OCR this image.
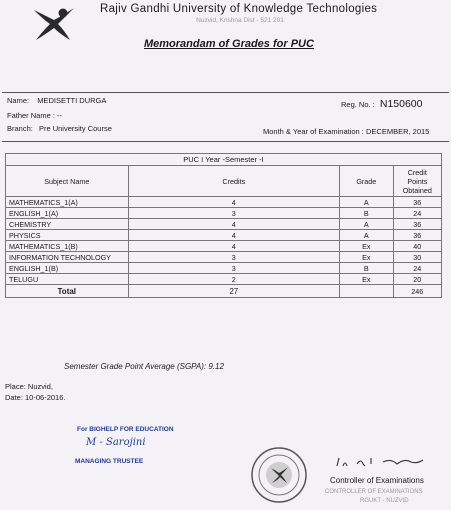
Rajiv Gandhi University of Knowledge Technologies
Nuzvid, Krishna Dist - 521 201
Memorandam of Grades for PUC
Name: MEDISETTI DURGA
Father Name : --
Branch: Pre University Course
Reg. No. : N150600
Month & Year of Examination : DECEMBER, 2015
PUC I Year -Semester -I			
Subject Name	Credits	Grade	Credit
Points
Obtained

MATHEMATICS_1(A)	4	A	36
ENGLISH_1(A)	3	B	24
CHEMISTRY	4	A	36
PHYSICS	4	A	36
MATHEMATICS_1(B)	4	Ex	40
INFORMATION TECHNOLOGY	3	Ex	30
ENGLISH_1(B)	3	B	24
TELUGU	2	Ex	20
Total	27		246
Semester Grade Point Average (SGPA): 9.12
Place: Nuzvid,
Date: 10-06-2016.
For BIGHELP FOR EDUCATION
M - Sarojini
MANAGING TRUSTEE
Controller of Examinations
CONTROLLER OF EXAMINATIONS
RGUKT - NUZVID
